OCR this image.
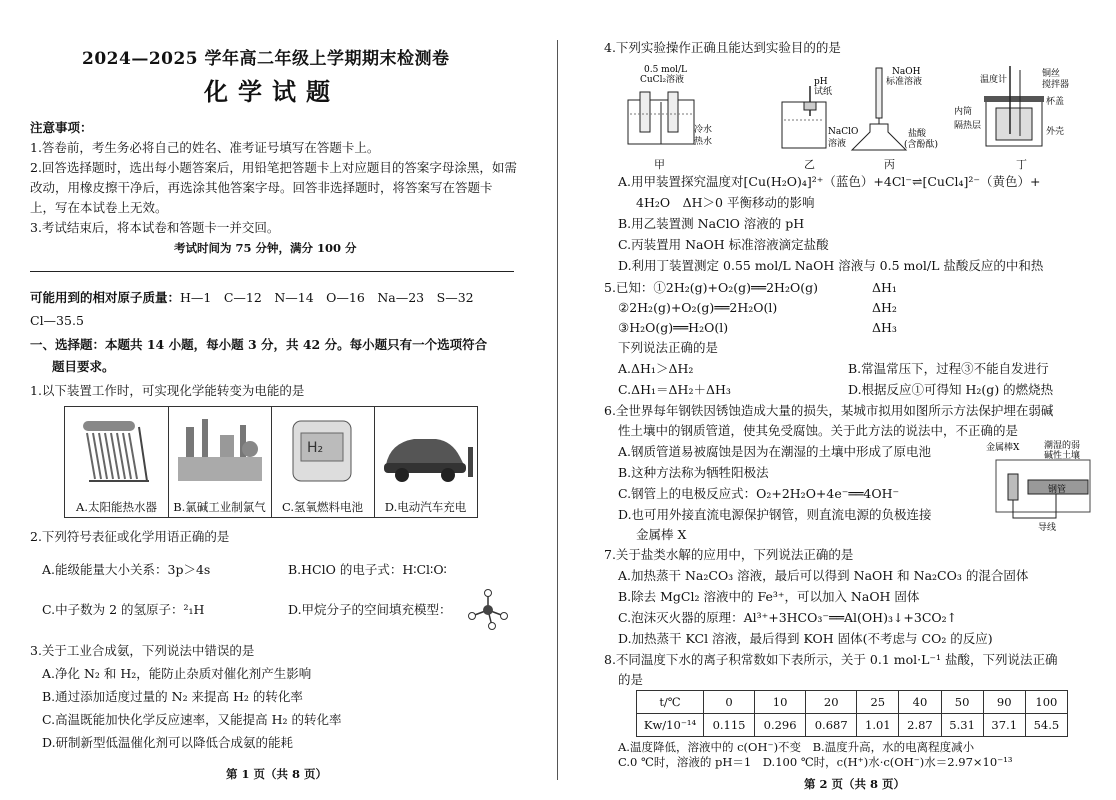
2024—2025 学年高二年级上学期期末检测卷
化学试题
注意事项：
1.答卷前，考生务必将自己的姓名、准考证号填写在答题卡上。
2.回答选择题时，选出每小题答案后，用铅笔把答题卡上对应题目的答案字母涂黑，如需
改动，用橡皮擦干净后，再选涂其他答案字母。回答非选择题时，将答案写在答题卡
上，写在本试卷上无效。
3.考试结束后，将本试卷和答题卡一并交回。
考试时间为 75 分钟，满分 100 分
可能用到的相对原子质量：H—1　C—12　N—14　O—16　Na—23　S—32
Cl—35.5
一、选择题：本题共 14 小题，每小题 3 分，共 42 分。每小题只有一个选项符合
题目要求。
1.以下装置工作时，可实现化学能转变为电能的是
A.太阳能热水器	B.氯碱工业制氯气
H₂
C.氢氧燃料电池	D.电动汽车充电
2.下列符号表征或化学用语正确的是
A.能级能量大小关系：3p＞4s	B.HClO 的电子式：H∶Cl∶O∶
C.中子数为 2 的氢原子：²₁H	D.甲烷分子的空间填充模型：
3.关于工业合成氨，下列说法中错误的是
A.净化 N₂ 和 H₂，能防止杂质对催化剂产生影响
B.通过添加适度过量的 N₂ 来提高 H₂ 的转化率
C.高温既能加快化学反应速率，又能提高 H₂ 的转化率
D.研制新型低温催化剂可以降低合成氨的能耗
第 1 页（共 8 页）
4.下列实验操作正确且能达到实验目的的是
0.5 mol/L
CuCl₂溶液
冷水
热水
甲
pH
试纸
NaClO
溶液
乙
NaOH
标准溶液
盐酸
(含酚酞)
丙
温度计
铜丝
搅拌器
杯盖
内筒
隔热层
外壳
丁
A.用甲装置探究温度对[Cu(H₂O)₄]²⁺（蓝色）+4Cl⁻⇌[CuCl₄]²⁻（黄色）+
4H₂O　ΔH＞0 平衡移动的影响
B.用乙装置测 NaClO 溶液的 pH
C.丙装置用 NaOH 标准溶液滴定盐酸
D.利用丁装置测定 0.55 mol/L NaOH 溶液与 0.5 mol/L 盐酸反应的中和热
5.已知：①2H₂(g)+O₂(g)══2H₂O(g)	ΔH₁
②2H₂(g)+O₂(g)══2H₂O(l)	ΔH₂
③H₂O(g)══H₂O(l)	ΔH₃
下列说法正确的是
A.ΔH₁＞ΔH₂	B.常温常压下，过程③不能自发进行
C.ΔH₁＝ΔH₂＋ΔH₃	D.根据反应①可得知 H₂(g) 的燃烧热
6.全世界每年钢铁因锈蚀造成大量的损失，某城市拟用如图所示方法保护埋在弱碱
性土壤中的钢质管道，使其免受腐蚀。关于此方法的说法中，不正确的是
A.钢质管道易被腐蚀是因为在潮湿的土壤中形成了原电池
B.这种方法称为牺牲阳极法
C.钢管上的电极反应式：O₂+2H₂O+4e⁻══4OH⁻
D.也可用外接直流电源保护钢管，则直流电源的负极连接
金属棒 X
金属棒X	潮湿的弱
碱性土壤
钢管
导线
7.关于盐类水解的应用中，下列说法正确的是
A.加热蒸干 Na₂CO₃ 溶液，最后可以得到 NaOH 和 Na₂CO₃ 的混合固体
B.除去 MgCl₂ 溶液中的 Fe³⁺，可以加入 NaOH 固体
C.泡沫灭火器的原理：Al³⁺+3HCO₃⁻══Al(OH)₃↓+3CO₂↑
D.加热蒸干 KCl 溶液，最后得到 KOH 固体(不考虑与 CO₂ 的反应)
8.不同温度下水的离子积常数如下表所示，关于 0.1 mol·L⁻¹ 盐酸，下列说法正确
的是
t/℃	0	10	20	25	40	50	90	100
Kw/10⁻¹⁴	0.115	0.296	0.687	1.01	2.87	5.31	37.1	54.5
A.温度降低，溶液中的 c(OH⁻)不变　 B.温度升高，水的电离程度减小
C.0 ℃时，溶液的 pH＝1　 D.100 ℃时，c(H⁺)水·c(OH⁻)水＝2.97×10⁻¹³
第 2 页（共 8 页）
